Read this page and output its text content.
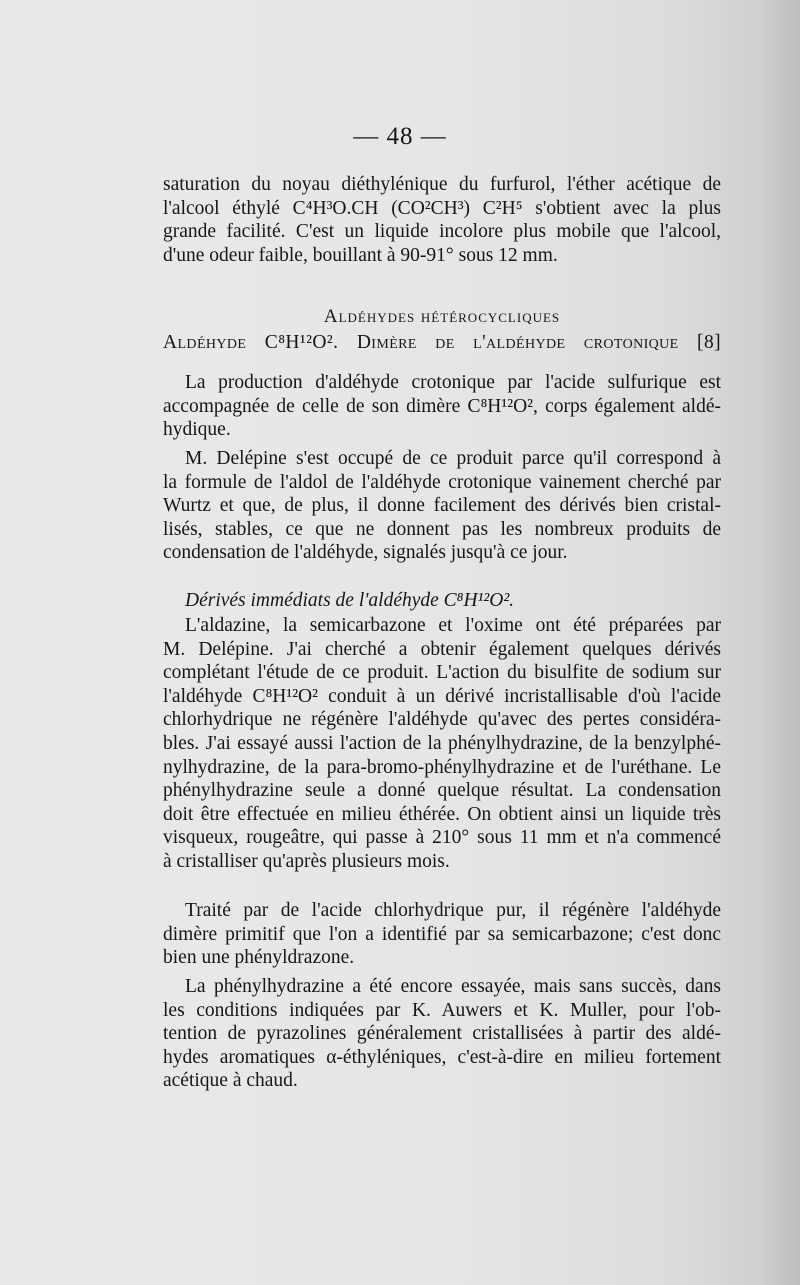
— 48 —
saturation du noyau diéthylénique du furfurol, l'éther acétique de
l'alcool éthylé C⁴H³O.CH (CO²CH³) C²H⁵ s'obtient avec la plus
grande facilité. C'est un liquide incolore plus mobile que l'alcool,
d'une odeur faible, bouillant à 90-91° sous 12 mm.
Aldéhydes hétérocycliques
Aldéhyde C⁸H¹²O². Dimère de l'aldéhyde crotonique [8]
La production d'aldéhyde crotonique par l'acide sulfurique est
accompagnée de celle de son dimère C⁸H¹²O², corps également aldé-
hydique.
M. Delépine s'est occupé de ce produit parce qu'il correspond à
la formule de l'aldol de l'aldéhyde crotonique vainement cherché par
Wurtz et que, de plus, il donne facilement des dérivés bien cristal-
lisés, stables, ce que ne donnent pas les nombreux produits de
condensation de l'aldéhyde, signalés jusqu'à ce jour.
Dérivés immédiats de l'aldéhyde C⁸H¹²O².
L'aldazine, la semicarbazone et l'oxime ont été préparées par
M. Delépine. J'ai cherché a obtenir également quelques dérivés
complétant l'étude de ce produit. L'action du bisulfite de sodium sur
l'aldéhyde C⁸H¹²O² conduit à un dérivé incristallisable d'où l'acide
chlorhydrique ne régénère l'aldéhyde qu'avec des pertes considéra-
bles. J'ai essayé aussi l'action de la phénylhydrazine, de la benzylphé-
nylhydrazine, de la para-bromo-phénylhydrazine et de l'uréthane. Le
phénylhydrazine seule a donné quelque résultat. La condensation
doit être effectuée en milieu éthérée. On obtient ainsi un liquide très
visqueux, rougeâtre, qui passe à 210° sous 11 mm et n'a commencé
à cristalliser qu'après plusieurs mois.
Traité par de l'acide chlorhydrique pur, il régénère l'aldéhyde
dimère primitif que l'on a identifié par sa semicarbazone; c'est donc
bien une phényldrazone.
La phénylhydrazine a été encore essayée, mais sans succès, dans
les conditions indiquées par K. Auwers et K. Muller, pour l'ob-
tention de pyrazolines généralement cristallisées à partir des aldé-
hydes aromatiques α-éthyléniques, c'est-à-dire en milieu fortement
acétique à chaud.
